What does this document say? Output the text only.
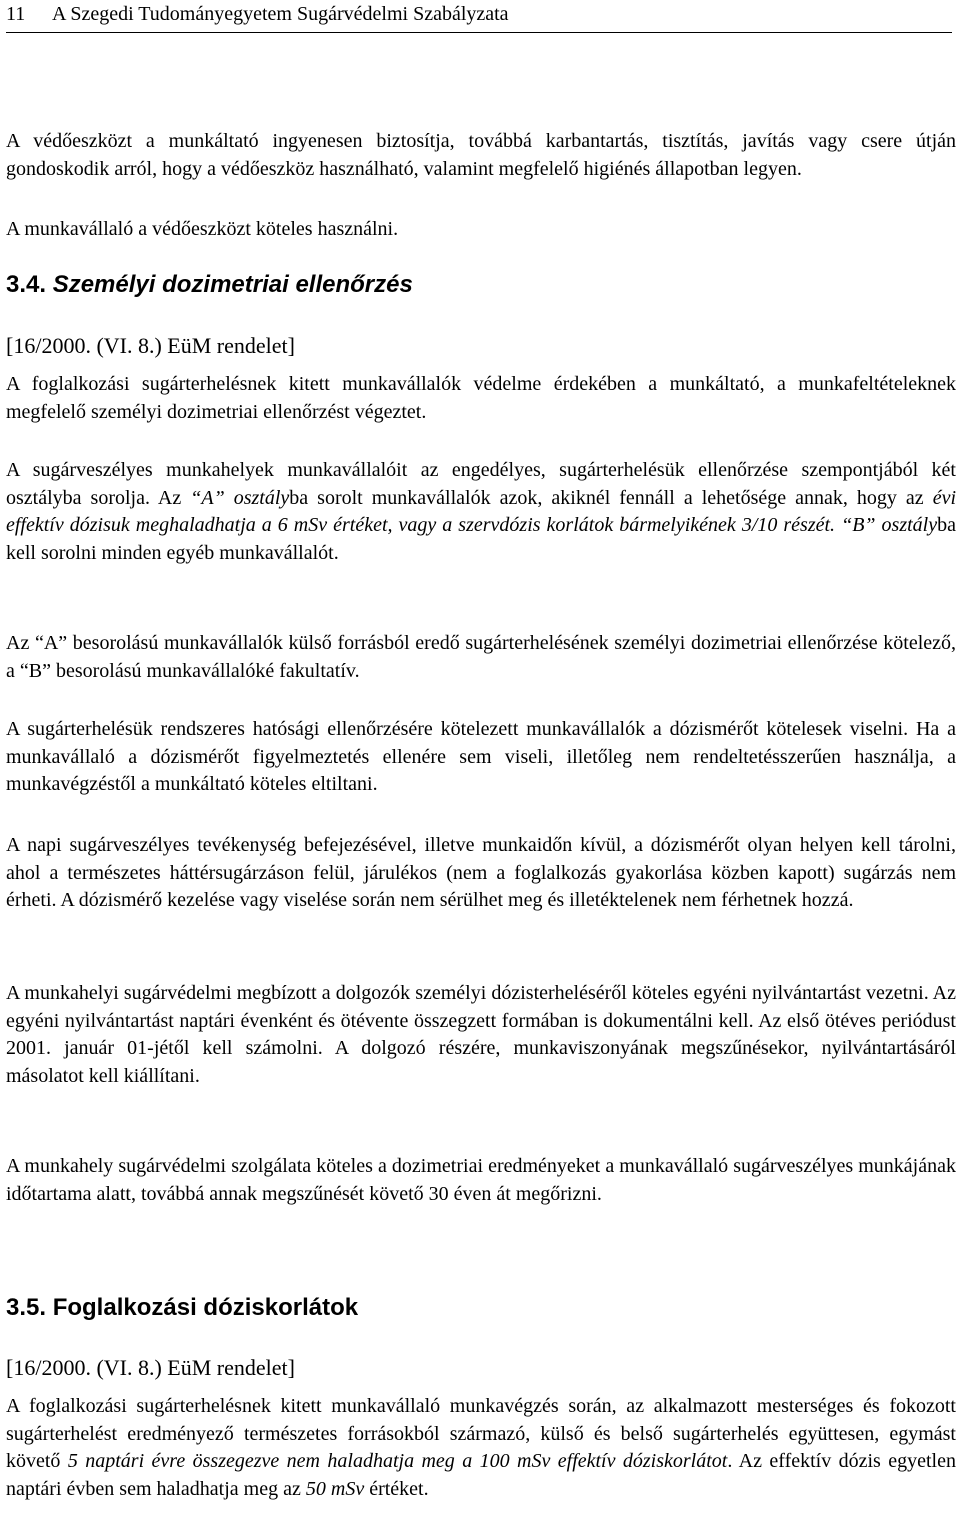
11 A Szegedi Tudományegyetem Sugárvédelmi Szabályzata

A védőeszközt a munkáltató ingyenesen biztosítja, továbbá karbantartás, tisztítás, javítás vagy csere útján gondoskodik arról, hogy a védőeszköz használható, valamint megfelelő higiénés állapotban legyen.

A munkavállaló a védőeszközt köteles használni.

3.4. Személyi dozimetriai ellenőrzés

[16/2000. (VI. 8.) EüM rendelet]

A foglalkozási sugárterhelésnek kitett munkavállalók védelme érdekében a munkáltató, a munkafeltételeknek megfelelő személyi dozimetriai ellenőrzést végeztet.

A sugárveszélyes munkahelyek munkavállalóit az engedélyes, sugárterhelésük ellenőrzése szempontjából két osztályba sorolja. Az “A” osztályba sorolt munkavállalók azok, akiknél fennáll a lehetősége annak, hogy az évi effektív dózisuk meghaladhatja a 6 mSv értéket, vagy a szervdózis korlátok bármelyikének 3/10 részét. “B” osztályba kell sorolni minden egyéb munkavállalót.

Az “A” besorolású munkavállalók külső forrásból eredő sugárterhelésének személyi dozimetriai ellenőrzése kötelező, a “B” besorolású munkavállalóké fakultatív.

A sugárterhelésük rendszeres hatósági ellenőrzésére kötelezett munkavállalók a dózismérőt kötelesek viselni. Ha a munkavállaló a dózismérőt figyelmeztetés ellenére sem viseli, illetőleg nem rendeltetésszerűen használja, a munkavégzéstől a munkáltató köteles eltiltani.

A napi sugárveszélyes tevékenység befejezésével, illetve munkaidőn kívül, a dózismérőt olyan helyen kell tárolni, ahol a természetes háttérsugárzáson felül, járulékos (nem a foglalkozás gyakorlása közben kapott) sugárzás nem érheti. A dózismérő kezelése vagy viselése során nem sérülhet meg és illetéktelenek nem férhetnek hozzá.

A munkahelyi sugárvédelmi megbízott a dolgozók személyi dózisterheléséről köteles egyéni nyilvántartást vezetni. Az egyéni nyilvántartást naptári évenként és ötévente összegzett formában is dokumentálni kell. Az első ötéves periódust 2001. január 01-jétől kell számolni. A dolgozó részére, munkaviszonyának megszűnésekor, nyilvántartásáról másolatot kell kiállítani.

A munkahely sugárvédelmi szolgálata köteles a dozimetriai eredményeket a munkavállaló sugárveszélyes munkájának időtartama alatt, továbbá annak megszűnését követő 30 éven át megőrizni.

3.5. Foglalkozási dóziskorlátok

[16/2000. (VI. 8.) EüM rendelet]

A foglalkozási sugárterhelésnek kitett munkavállaló munkavégzés során, az alkalmazott mesterséges és fokozott sugárterhelést eredményező természetes forrásokból származó, külső és belső sugárterhelés együttesen, egymást követő 5 naptári évre összegezve nem haladhatja meg a 100 mSv effektív dóziskorlátot. Az effektív dózis egyetlen naptári évben sem haladhatja meg az 50 mSv értéket.
